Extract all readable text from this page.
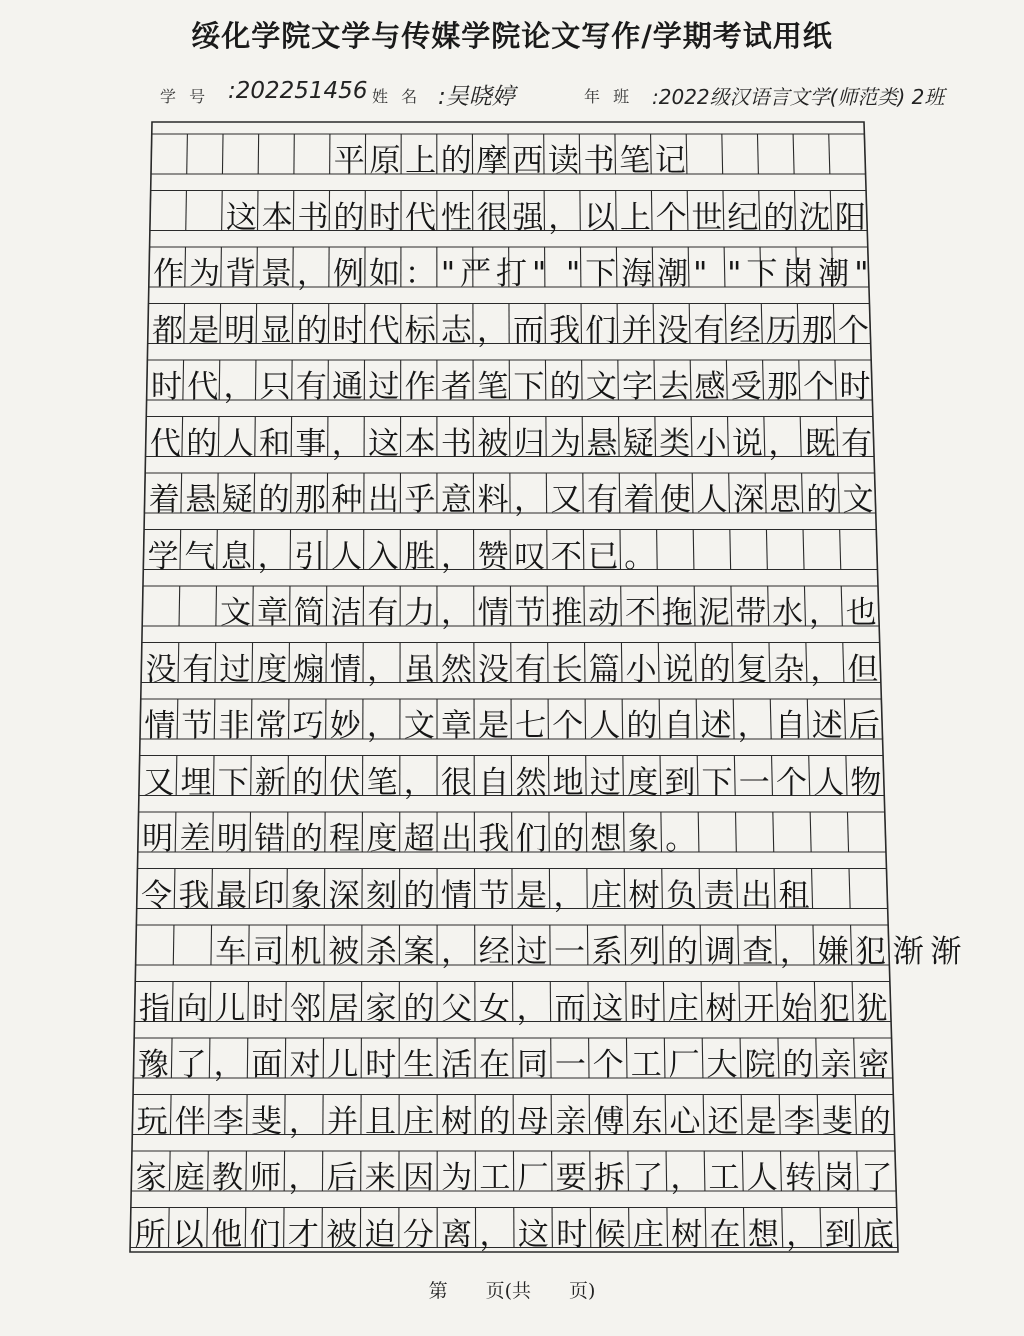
绥化学院文学与传媒学院论文写作/学期考试用纸
学 号 :202251456 姓 名 :吴晓婷	年 班 :2022级汉语言文学(师范类) 2班
平原上的摩西读书笔记
这本书的时代性很强，以上个世纪的沈阳
作为背景，例如："严打" "下海潮" "下岗潮"
都是明显的时代标志，而我们并没有经历那个
时代，只有通过作者笔下的文字去感受那个时
代的人和事，这本书被归为悬疑类小说，既有
着悬疑的那种出乎意料，又有着使人深思的文
学气息，引人入胜，赞叹不已。
文章简洁有力，情节推动不拖泥带水，也
没有过度煽情，虽然没有长篇小说的复杂，但
情节非常巧妙，文章是七个人的自述，自述后
又埋下新的伏笔，很自然地过度到下一个人物
明差明错的程度超出我们的想象。
令我最印象深刻的情节是，庄树负责出租
车司机被杀案，经过一系列的调查，嫌犯渐渐
指向儿时邻居家的父女，而这时庄树开始犯犹
豫了，面对儿时生活在同一个工厂大院的亲密
玩伴李斐，并且庄树的母亲傅东心还是李斐的
家庭教师，后来因为工厂要拆了，工人转岗了
所以他们才被迫分离，这时候庄树在想，到底
第　　页(共　　页)
